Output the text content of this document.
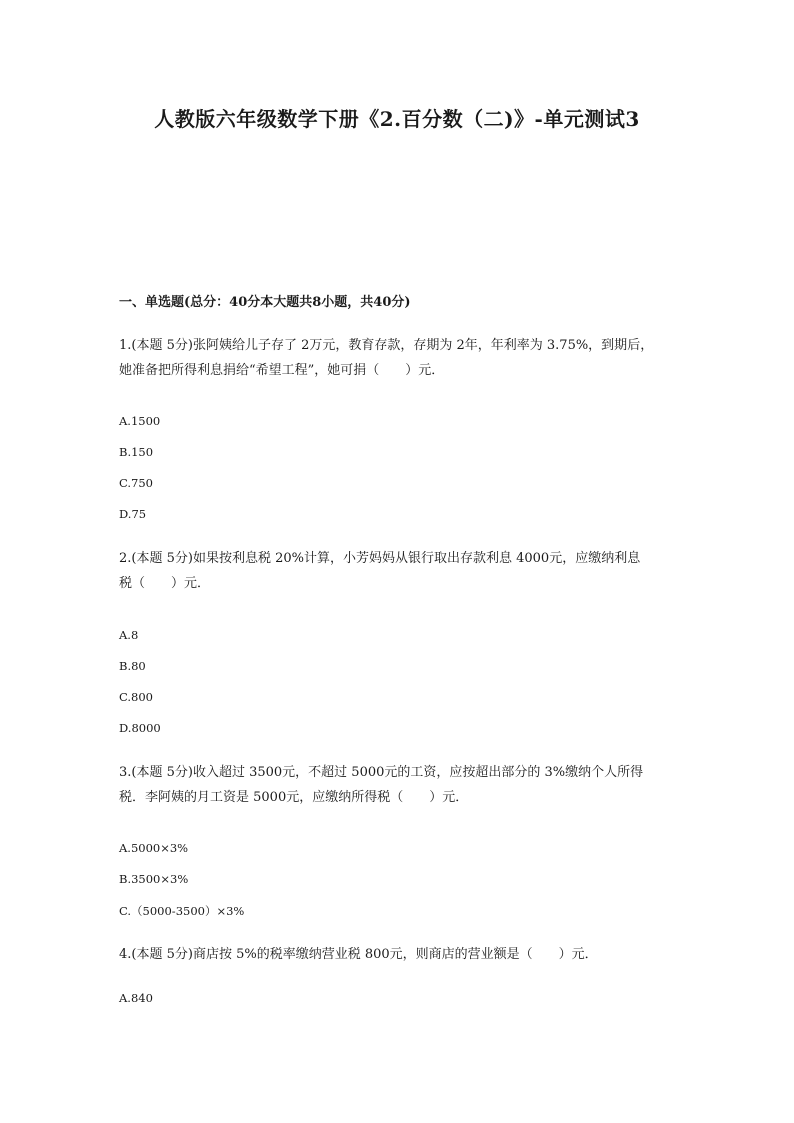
人教版六年级数学下册《2.百分数（二)》-单元测试3
一、单选题(总分：40分本大题共8小题，共40分)
1.(本题 5分)张阿姨给儿子存了 2万元，教育存款，存期为 2年，年利率为 3.75%，到期后，
她准备把所得利息捐给“希望工程”，她可捐（　　）元．
A.1500
B.150
C.750
D.75
2.(本题 5分)如果按利息税 20%计算，小芳妈妈从银行取出存款利息 4000元，应缴纳利息
税（　　）元．
A.8
B.80
C.800
D.8000
3.(本题 5分)收入超过 3500元，不超过 5000元的工资，应按超出部分的 3%缴纳个人所得
税．李阿姨的月工资是 5000元，应缴纳所得税（　　）元．
A.5000×3%
B.3500×3%
C.（5000-3500）×3%
4.(本题 5分)商店按 5%的税率缴纳营业税 800元，则商店的营业额是（　　）元．
A.840
